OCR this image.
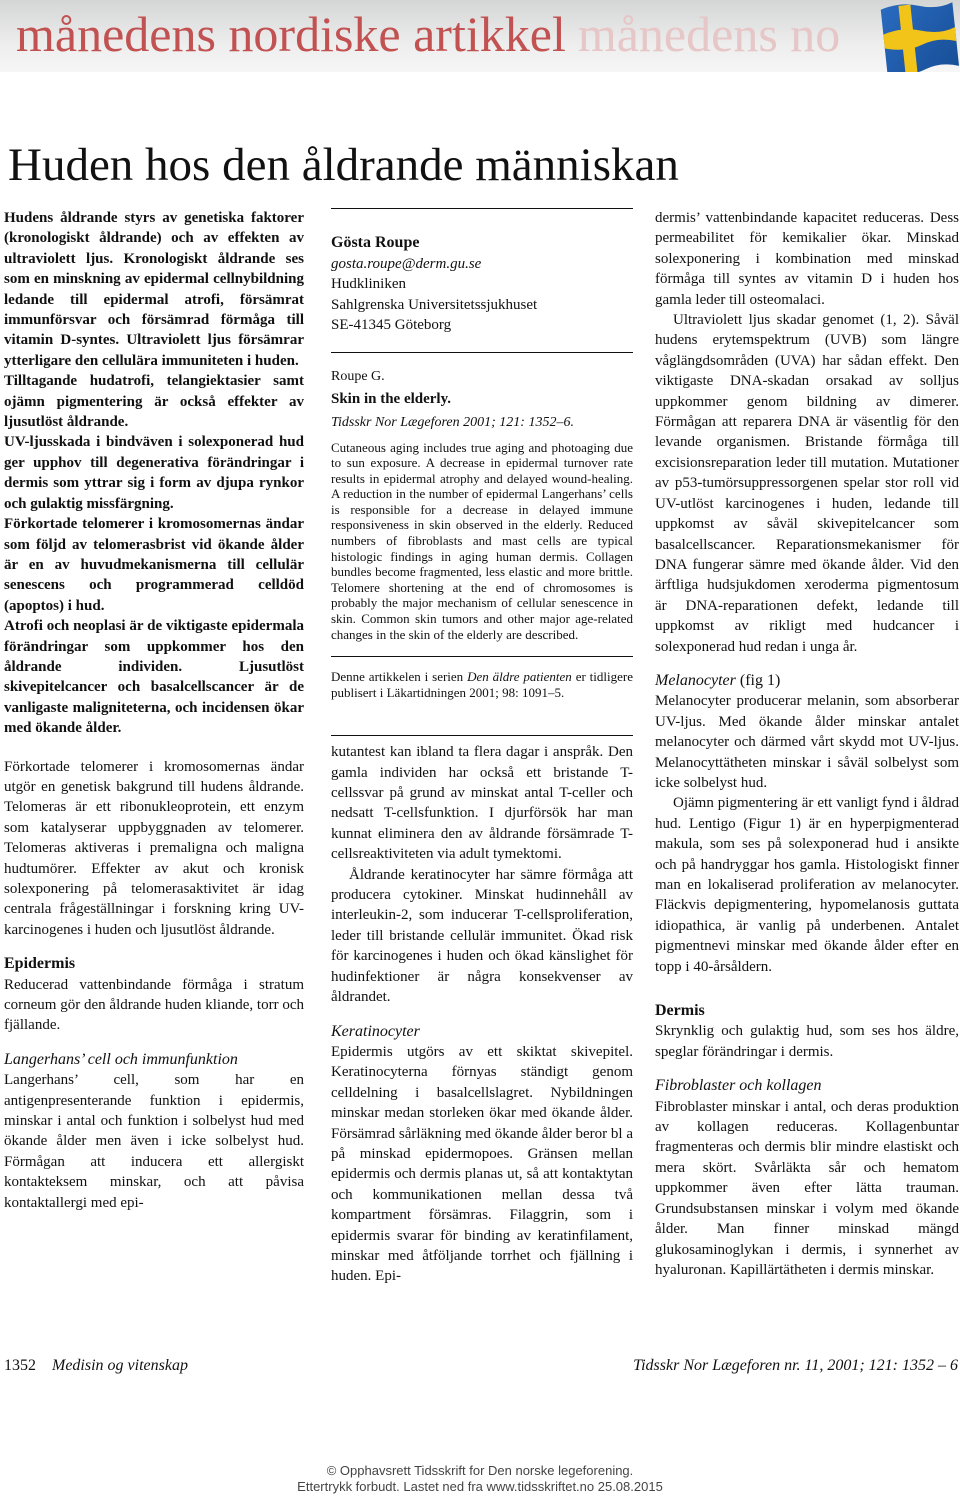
månedens nordiske artikkel månedens no
Huden hos den åldrande människan

Hudens åldrande styrs av genetiska faktorer (kronologiskt åldrande) och av effekten av ultraviolett ljus. Kronologiskt åldrande ses som en minskning av epidermal cellnybildning ledande till epidermal atrofi, försämrat immunförsvar och försämrad förmåga till vitamin D-syntes. Ultraviolett ljus försämrar ytterligare den cellulära immuniteten i huden.

Tilltagande hudatrofi, telangiektasier samt ojämn pigmentering är också effekter av ljusutlöst åldrande.

UV-ljusskada i bindväven i solexponerad hud ger upphov till degenerativa förändringar i dermis som yttrar sig i form av djupa rynkor och gulaktig missfärgning.

Förkortade telomerer i kromosomernas ändar som följd av telomerasbrist vid ökande ålder är en av huvudmekanismerna till cellulär senescens och programmerad celldöd (apoptos) i hud.

Atrofi och neoplasi är de viktigaste epidermala förändringar som uppkommer hos den åldrande individen. Ljusutlöst skivepitelcancer och basalcellscancer är de vanligaste maligniteterna, och incidensen ökar med ökande ålder.

Förkortade telomerer i kromosomernas ändar utgör en genetisk bakgrund till hudens åldrande. Telomeras är ett ribonukleoprotein, ett enzym som katalyserar uppbyggnaden av telomerer. Telomeras aktiveras i premaligna och maligna hudtumörer. Effekter av akut och kronisk solexponering på telomerasaktivitet är idag centrala frågeställningar i forskning kring UV-karcinogenes i huden och ljusutlöst åldrande.

Epidermis

Reducerad vattenbindande förmåga i stratum corneum gör den åldrande huden kliande, torr och fjällande.

Langerhans’ cell och immunfunktion

Langerhans’ cell, som har en antigenpresenterande funktion i epidermis, minskar i antal och funktion i solbelyst hud med ökande ålder men även i icke solbelyst hud. Förmågan att inducera ett allergiskt kontakteksem minskar, och att påvisa kontaktallergi med epi-

Gösta Roupe
gosta.roupe@derm.gu.se
Hudkliniken
Sahlgrenska Universitetssjukhuset
SE-41345 Göteborg
Roupe G.
Skin in the elderly.
Tidsskr Nor Lægeforen 2001; 121: 1352–6.

Cutaneous aging includes true aging and photoaging due to sun exposure. A decrease in epidermal turnover rate results in epidermal atrophy and delayed wound-healing. A reduction in the number of epidermal Langerhans’ cells is responsible for a decrease in delayed immune responsiveness in skin observed in the elderly. Reduced numbers of fibroblasts and mast cells are typical histologic findings in aging human dermis. Collagen bundles become fragmented, less elastic and more brittle. Telomere shortening at the end of chromosomes is probably the major mechanism of cellular senescence in skin. Common skin tumors and other major age-related changes in the skin of the elderly are described.

Denne artikkelen i serien Den äldre patienten er tidligere publisert i Läkartidningen 2001; 98: 1091–5.

kutantest kan ibland ta flera dagar i anspråk. Den gamla individen har också ett bristande T-cellssvar på grund av minskat antal T-celler och nedsatt T-cellsfunktion. I djurförsök har man kunnat eliminera den av åldrande försämrade T-cellsreaktiviteten via adult tymektomi.

Åldrande keratinocyter har sämre förmåga att producera cytokiner. Minskat hudinnehåll av interleukin-2, som inducerar T-cellsproliferation, leder till bristande cellulär immunitet. Ökad risk för karcinogenes i huden och ökad känslighet för hudinfektioner är några konsekvenser av åldrandet.

Keratinocyter

Epidermis utgörs av ett skiktat skivepitel. Keratinocyterna förnyas ständigt genom celldelning i basalcellslagret. Nybildningen minskar medan storleken ökar med ökande ålder. Försämrad sårläkning med ökande ålder beror bl a på minskad epidermopoes. Gränsen mellan epidermis och dermis planas ut, så att kontaktytan och kommunikationen mellan dessa två kompartment försämras. Filaggrin, som i epidermis svarar för binding av keratinfilament, minskar med åtföljande torrhet och fjällning i huden. Epi-

dermis’ vattenbindande kapacitet reduceras. Dess permeabilitet för kemikalier ökar. Minskad solexponering i kombination med minskad förmåga till syntes av vitamin D i huden hos gamla leder till osteomalaci.

Ultraviolett ljus skadar genomet (1, 2). Såväl hudens erytemspektrum (UVB) som längre våglängdsområden (UVA) har sådan effekt. Den viktigaste DNA-skadan orsakad av solljus uppkommer genom bildning av dimerer. Förmågan att reparera DNA är väsentlig för den levande organismen. Bristande förmåga till excisionsreparation leder till mutation. Mutationer av p53-tumörsuppressorgenen spelar stor roll vid UV-utlöst karcinogenes i huden, ledande till uppkomst av såväl skivepitelcancer som basalcellscancer. Reparationsmekanismer för DNA fungerar sämre med ökande ålder. Vid den ärftliga hudsjukdomen xeroderma pigmentosum är DNA-reparationen defekt, ledande till uppkomst av rikligt med hudcancer i solexponerad hud redan i unga år.

Melanocyter (fig 1)

Melanocyter producerar melanin, som absorberar UV-ljus. Med ökande ålder minskar antalet melanocyter och därmed vårt skydd mot UV-ljus. Melanocyttätheten minskar i såväl solbelyst som icke solbelyst hud.

Ojämn pigmentering är ett vanligt fynd i åldrad hud. Lentigo (Figur 1) är en hyperpigmenterad makula, som ses på solexponerad hud i ansikte och på handryggar hos gamla. Histologiskt finner man en lokaliserad proliferation av melanocyter. Fläckvis depigmentering, hypomelanosis guttata idiopathica, är vanlig på underbenen. Antalet pigmentnevi minskar med ökande ålder efter en topp i 40-årsåldern.

Dermis

Skrynklig och gulaktig hud, som ses hos äldre, speglar förändringar i dermis.

Fibroblaster och kollagen

Fibroblaster minskar i antal, och deras produktion av kollagen reduceras. Kollagenbuntar fragmenteras och dermis blir mindre elastiskt och mera skört. Svårläkta sår och hematom uppkommer även efter lätta trauman. Grundsubstansen minskar i volym med ökande ålder. Man finner minskad mängd glukosaminoglykan i dermis, i synnerhet av hyaluronan. Kapillärtätheten i dermis minskar.

1352 Medisin og vitenskap	Tidsskr Nor Lægeforen nr. 11, 2001; 121: 1352 – 6
© Opphavsrett Tidsskrift for Den norske legeforening.
Ettertrykk forbudt. Lastet ned fra www.tidsskriftet.no 25.08.2015
